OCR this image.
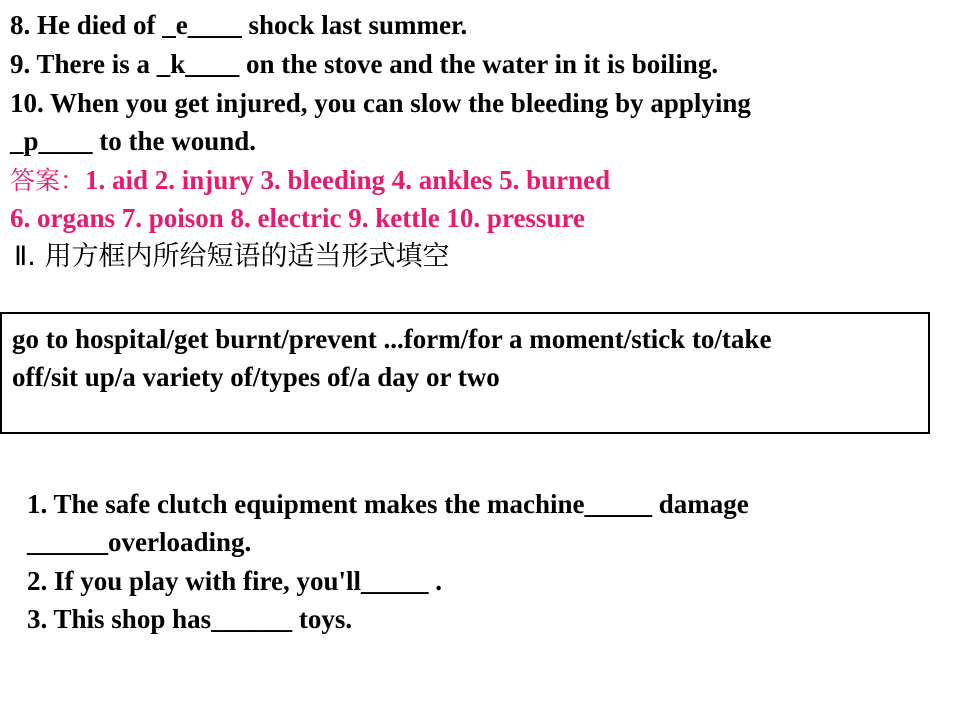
8. He died of _e____ shock last summer.
9. There is a _k____ on the stove and the water in it is boiling.
10. When you get injured, you can slow the bleeding by applying
_p____ to the wound.
答案：1. aid 2. injury 3. bleeding 4. ankles 5. burned
6. organs 7. poison 8. electric 9. kettle 10. pressure
Ⅱ. 用方框内所给短语的适当形式填空
go to hospital/get burnt/prevent ...form/for a moment/stick to/take
off/sit up/a variety of/types of/a day or two
1. The safe clutch equipment makes the machine_____ damage
______overloading.
2. If you play with fire, you'll_____ .
3. This shop has______ toys.
